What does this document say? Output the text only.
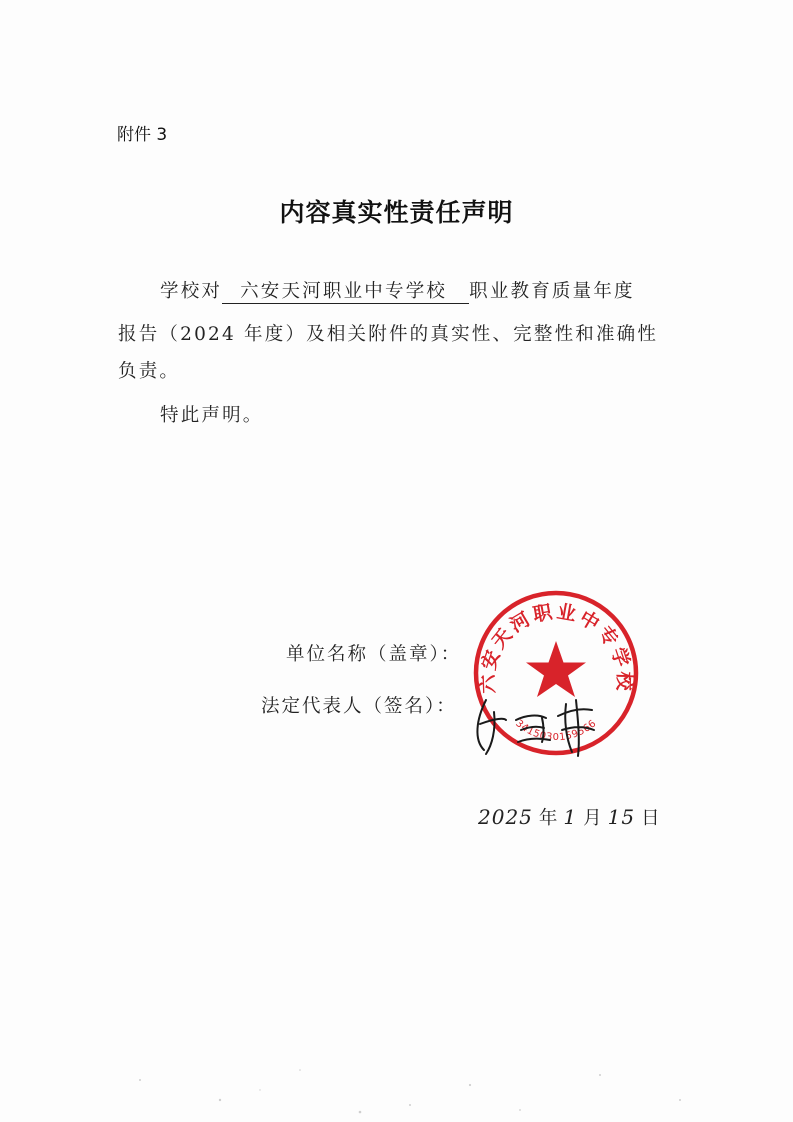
附件 3
内容真实性责任声明
学校对 六安天河职业中专学校 职业教育质量年度
报告（2024 年度）及相关附件的真实性、完整性和准确性
负责。
特此声明。
单位名称（盖章）：
法定代表人（签名）：
六安天河职业中专学校
3415030159566
2025 年 1 月 15 日
